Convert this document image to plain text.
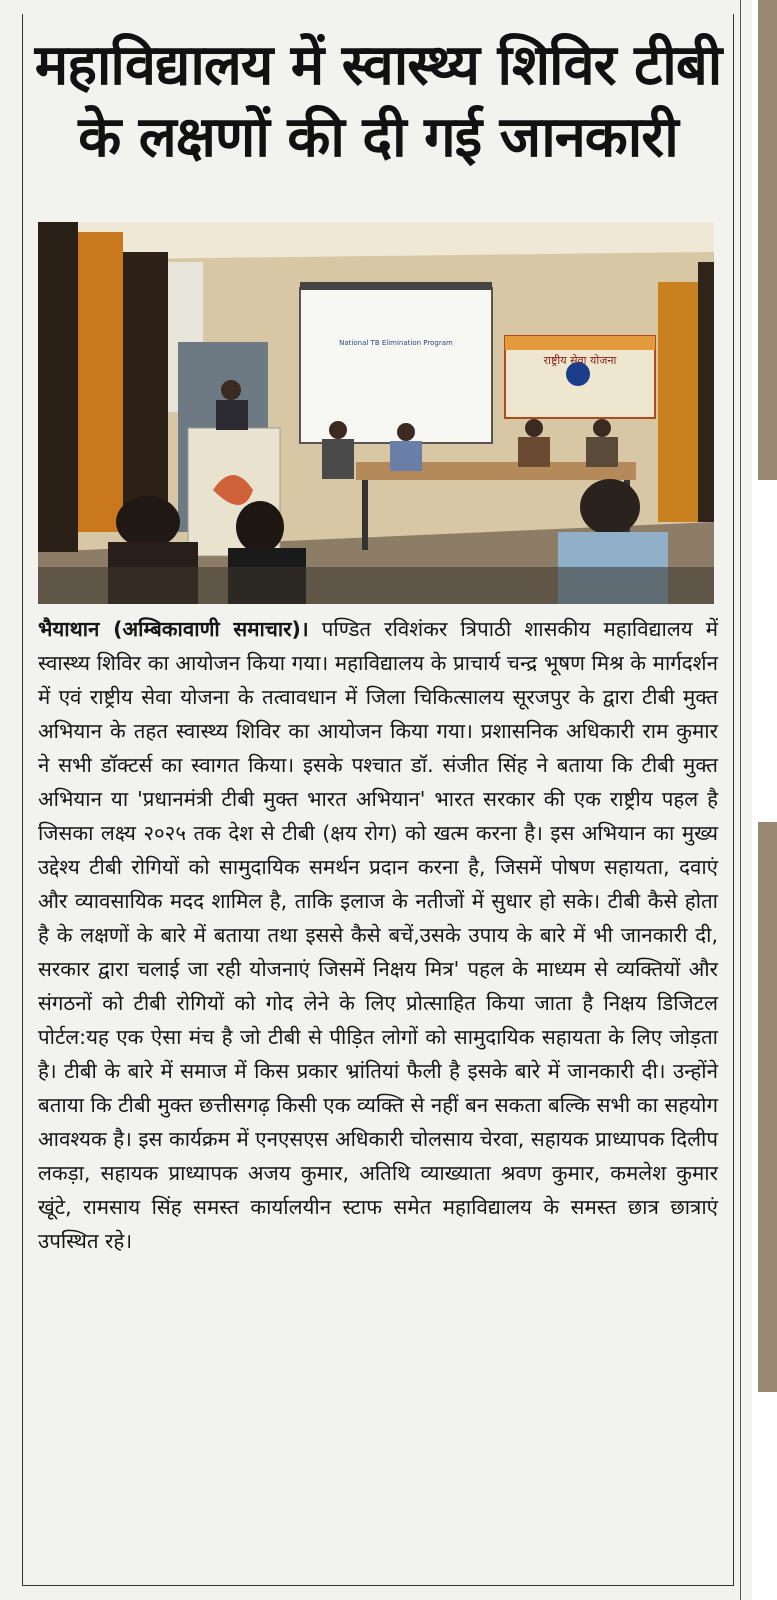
महाविद्यालय में स्वास्थ्य शिविर टीबी
के लक्षणों की दी गई जानकारी
National TB Elimination Program
राष्ट्रीय सेवा योजना
भैयाथान (अम्बिकावाणी समाचार)। पण्डित रविशंकर त्रिपाठी शासकीय महाविद्यालय में स्वास्थ्य शिविर का आयोजन किया गया। महाविद्यालय के प्राचार्य चन्द्र भूषण मिश्र के मार्गदर्शन में एवं राष्ट्रीय सेवा योजना के तत्वावधान में जिला चिकित्सालय सूरजपुर के द्वारा टीबी मुक्त अभियान के तहत स्वास्थ्य शिविर का आयोजन किया गया। प्रशासनिक अधिकारी राम कुमार ने सभी डॉक्टर्स का स्वागत किया। इसके पश्चात डॉ. संजीत सिंह ने बताया कि टीबी मुक्त अभियान या 'प्रधानमंत्री टीबी मुक्त भारत अभियान' भारत सरकार की एक राष्ट्रीय पहल है जिसका लक्ष्य २०२५ तक देश से टीबी (क्षय रोग) को खत्म करना है। इस अभियान का मुख्य उद्देश्य टीबी रोगियों को सामुदायिक समर्थन प्रदान करना है, जिसमें पोषण सहायता, दवाएं और व्यावसायिक मदद शामिल है, ताकि इलाज के नतीजों में सुधार हो सके। टीबी कैसे होता है के लक्षणों के बारे में बताया तथा इससे कैसे बचें,उसके उपाय के बारे में भी जानकारी दी, सरकार द्वारा चलाई जा रही योजनाएं जिसमें निक्षय मित्र' पहल के माध्यम से व्यक्तियों और संगठनों को टीबी रोगियों को गोद लेने के लिए प्रोत्साहित किया जाता है निक्षय डिजिटल पोर्टल:यह एक ऐसा मंच है जो टीबी से पीड़ित लोगों को सामुदायिक सहायता के लिए जोड़ता है। टीबी के बारे में समाज में किस प्रकार भ्रांतियां फैली है इसके बारे में जानकारी दी। उन्होंने बताया कि टीबी मुक्त छत्तीसगढ़ किसी एक व्यक्ति से नहीं बन सकता बल्कि सभी का सहयोग आवश्यक है। इस कार्यक्रम में एनएसएस अधिकारी चोलसाय चेरवा, सहायक प्राध्यापक दिलीप लकड़ा, सहायक प्राध्यापक अजय कुमार, अतिथि व्याख्याता श्रवण कुमार, कमलेश कुमार खूंटे, रामसाय सिंह समस्त कार्यालयीन स्टाफ समेत महाविद्यालय के समस्त छात्र छात्राएं उपस्थित रहे।
